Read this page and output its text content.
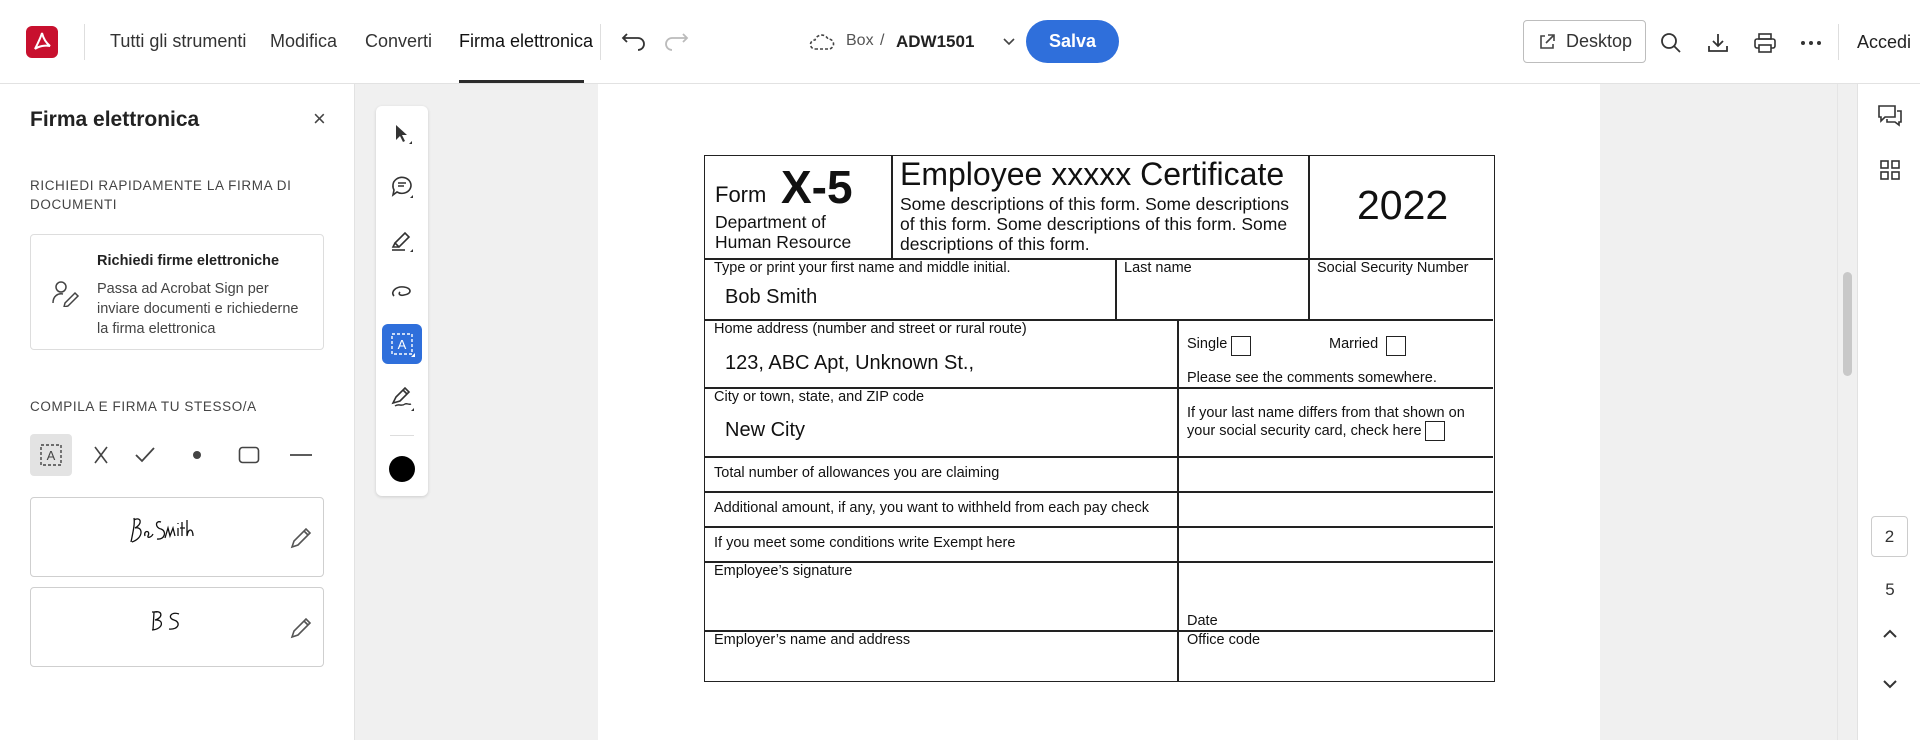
Tutti gli strumenti Modifica Converti Firma elettronica	Box / ADW1501	Salva	Desktop	Accedi
Firma elettronica	×
RICHIEDI RAPIDAMENTE LA FIRMA DI DOCUMENTI
Richiedi firme elettroniche
Passa ad Acrobat Sign per inviare documenti e richiederne la firma elettronica
COMPILA E FIRMA TU STESSO/A
A
A
Form X-5
Department of
Human Resource
Employee xxxxx Certificate
Some descriptions of this form. Some descriptions
of this form. Some descriptions of this form. Some
descriptions of this form.
2022
Type or print your first name and middle initial.
Bob Smith
Last name	Social Security Number
Home address (number and street or rural route)
123, ABC Apt, Unknown St.,
Single	Married
Please see the comments somewhere.
City or town, state, and ZIP code
New City
If your last name differs from that shown on
your social security card, check here
Total number of allowances you are claiming
Additional amount, if any, you want to withheld from each pay check
If you meet some conditions write Exempt here
Employee’s signature
Date
Employer’s name and address	Office code
2
5
